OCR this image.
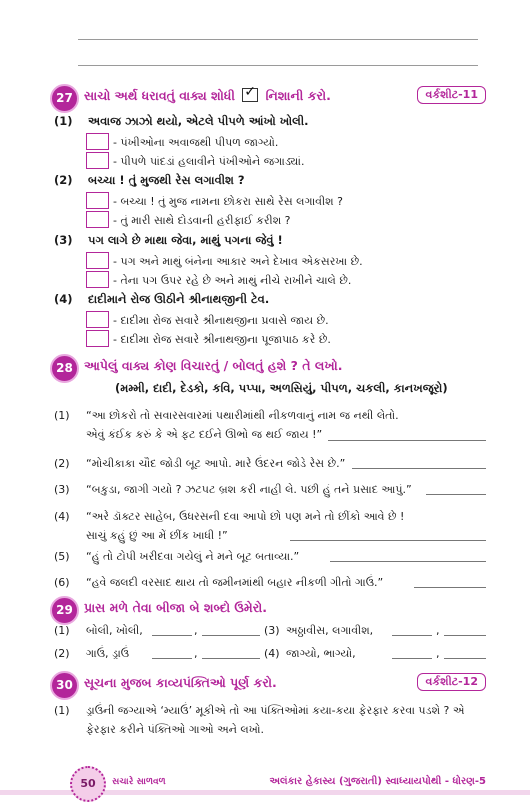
27 સાચો અર્થ ધરાવતું વાક્ય શોધી ✓ નિશાની કરો.	વર્કશીટ-11
(1) અવાજ ઝાઝો થયો, એટલે પીપળે આંખો ખોલી.
- પંખીઓના અવાજથી પીપળ જાગ્યો.
- પીપળે પાંદડાં હલાવીને પંખીઓને જગાડ્યાં.
(2) બચ્ચા ! તું મુજથી રેસ લગાવીશ ?
- બચ્ચા ! તું મુજ નામના છોકરા સાથે રેસ લગાવીશ ?
- તું મારી સાથે દોડવાની હરીફાઈ કરીશ ?
(3) પગ લાગે છે માથા જેવા, માથું પગના જેવું !
- પગ અને માથું બંનેના આકાર અને દેખાવ એકસરખા છે.
- તેના પગ ઉપર રહે છે અને માથું નીચે રાખીને ચાલે છે.
(4) દાદીમાને રોજ ઊઠીને શ્રીનાથજીની ટેવ.
- દાદીમા રોજ સવારે શ્રીનાથજીના પ્રવાસે જાય છે.
- દાદીમા રોજ સવારે શ્રીનાથજીના પૂજાપાઠ કરે છે.
28 આપેલું વાક્ય કોણ વિચારતું / બોલતું હશે ? તે લખો.
(મમ્મી, દાદી, દેડકો, કવિ, પપ્પા, અળસિયું, પીપળ, ચકલી, કાનખજૂરો)
(1) “આ છોકરો તો સવારસવારમાં પથારીમાંથી નીકળવાનું નામ જ નથી લેતો.
એવું કંઈક કરું કે એ ફટ દઈને ઊભો જ થઈ જાય !”
(2) “મોચીકાકા ચૌદ જોડી બૂટ આપો. મારે ઉંદરન જોડે રેસ છે.”
(3) “બકુડા, જાગી ગયો ? ઝટપટ બ્રશ કરી નાહી લે. પછી હું તને પ્રસાદ આપું.”
(4) “અરે ડૉક્ટર સાહેબ, ઉધરસની દવા આપો છો પણ મને તો છીંકો આવે છે !
સાચું કહું છું આ મેં છીંક ખાધી !”
(5) “હું તો ટોપી ખરીદવા ગયેલું ને મને બૂટ બતાવ્યા.”
(6) “હવે જલદી વરસાદ થાય તો જમીનમાંથી બહાર નીકળી ગીતો ગાઉં.”
29 પ્રાસ મળે તેવા બીજા બે શબ્દો ઉમેરો.
(1) બોલી, ખોલી,	,	(3) અઠ્ઠાવીસ, લગાવીશ,	,
(2) ગાઉં, ડ્રાઉં	,	(4) જાગ્યો, ભાગ્યો,	,
30 સૂચના મુજબ કાવ્યપંક્તિઓ પૂર્ણ કરો.	વર્કશીટ-12
(1) ડ્રાઉંની જગ્યાએ ‘મ્યાઉં’ મૂકીએ તો આ પંક્તિઓમાં કયા-કયા ફેરફાર કરવા પડશે ? એ
ફેરફાર કરીને પંક્તિઓ ગાઓ અને લખો.
50	સચારે સાળવળ	અલંકાર હેકાસ્ય (ગુજરાતી) સ્વાધ્યાયપોથી - ધોરણ-5
